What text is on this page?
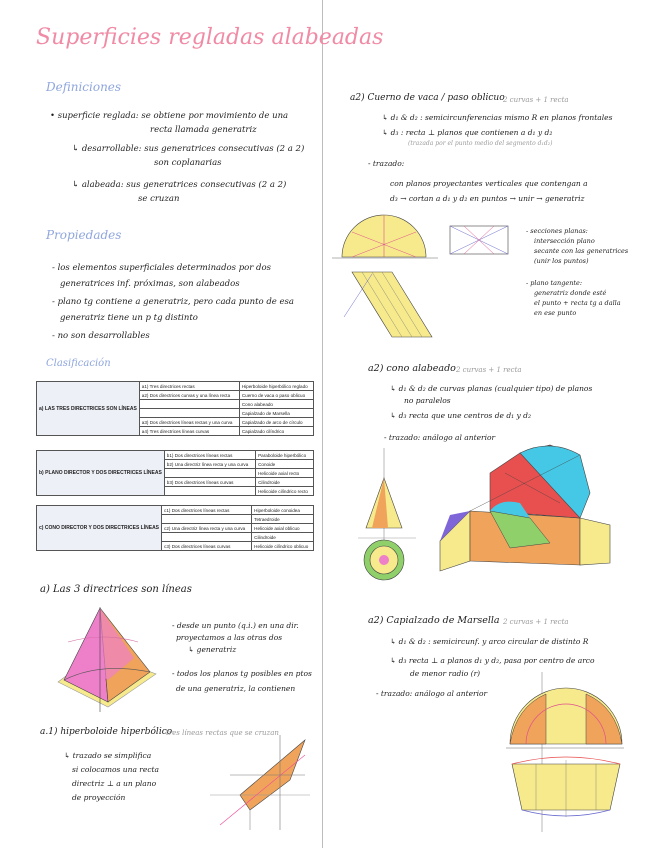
Superficies regladas alabeadas
Definiciones
• superficie reglada: se obtiene por movimiento de una
recta llamada generatriz
↳ desarrollable: sus generatrices consecutivas (2 a 2)
son coplanarias
↳ alabeada: sus generatrices consecutivas (2 a 2)
se cruzan
Propiedades
- los elementos superficiales determinados por dos
generatrices inf. próximas, son alabeados
- plano tg contiene a generatriz, pero cada punto de esa
generatriz tiene un p tg distinto
- no son desarrollables
Clasificación
a) LAS TRES DIRECTRICES SON LÍNEAS	a1) Tres directrices rectas	Hiperboloide hiperbólico reglado
	a2) Dos directrices curvas y una línea recta	Cuerno de vaca o paso oblicuo
		Cono alabeado
		Capialzado de Marsella
	a3) Dos directrices líneas rectas y una curva	Capialzado de arco de círculo
	a4) Tres directrices líneas curvas	Capialzado cilíndrico
b) PLANO DIRECTOR Y DOS DIRECTRICES LÍNEAS	b1) Dos directrices líneas rectas	Paraboloide hiperbólico
	b2) Una directriz línea recta y una curva	Conoide
		Helicoide axial recto
	b3) Dos directrices líneas curvas	Cilindroide
		Helicoide cilíndrico recto
c) CONO DIRECTOR Y DOS DIRECTRICES LÍNEAS	c1) Dos directrices líneas rectas	Hiperboloide conoidea
		Tetraedroide
	c2) Una directriz línea recta y una curva	Helicoide axial oblicuo
		Cilindroide
	c3) Dos directrices líneas curvas	Helicoide cilíndrico oblicuo
a) Las 3 directrices son líneas
- desde un punto (q.i.) en una dir.
proyectamos a las otras dos
↳ generatriz
- todos los planos tg posibles en ptos
de una generatriz, la contienen
a.1) hiperboloide hiperbólico
tres líneas rectas que se cruzan
↳ trazado se simplifica
si colocamos una recta
directriz ⊥ a un plano
de proyección
a2) Cuerno de vaca / paso oblicuo
2 curvas + 1 recta
↳ d₁ & d₂ : semicircunferencias mismo R en planos frontales
↳ d₃ : recta ⊥ planos que contienen a d₁ y d₂
(trazada por el punto medio del segmento d₁d₂)
- trazado:
con planos proyectantes verticales que contengan a
d₃ → cortan a d₁ y d₂ en puntos → unir → generatriz
- secciones planas:
intersección plano
secante con las generatrices
(unir los puntos)
- plano tangente:
generatriz donde esté
el punto + recta tg a dalla
en ese punto
a2) cono alabeado 2 curvas + 1 recta
↳ d₁ & d₂ de curvas planas (cualquier tipo) de planos
no paralelos
↳ d₃ recta que une centros de d₁ y d₂
- trazado: análogo al anterior
a2) Capialzado de Marsella 2 curvas + 1 recta
↳ d₁ & d₂ : semicircunf. y arco circular de distinto R
↳ d₃ recta ⊥ a planos d₁ y d₂, pasa por centro de arco
de menor radio (r)
- trazado: análogo al anterior
